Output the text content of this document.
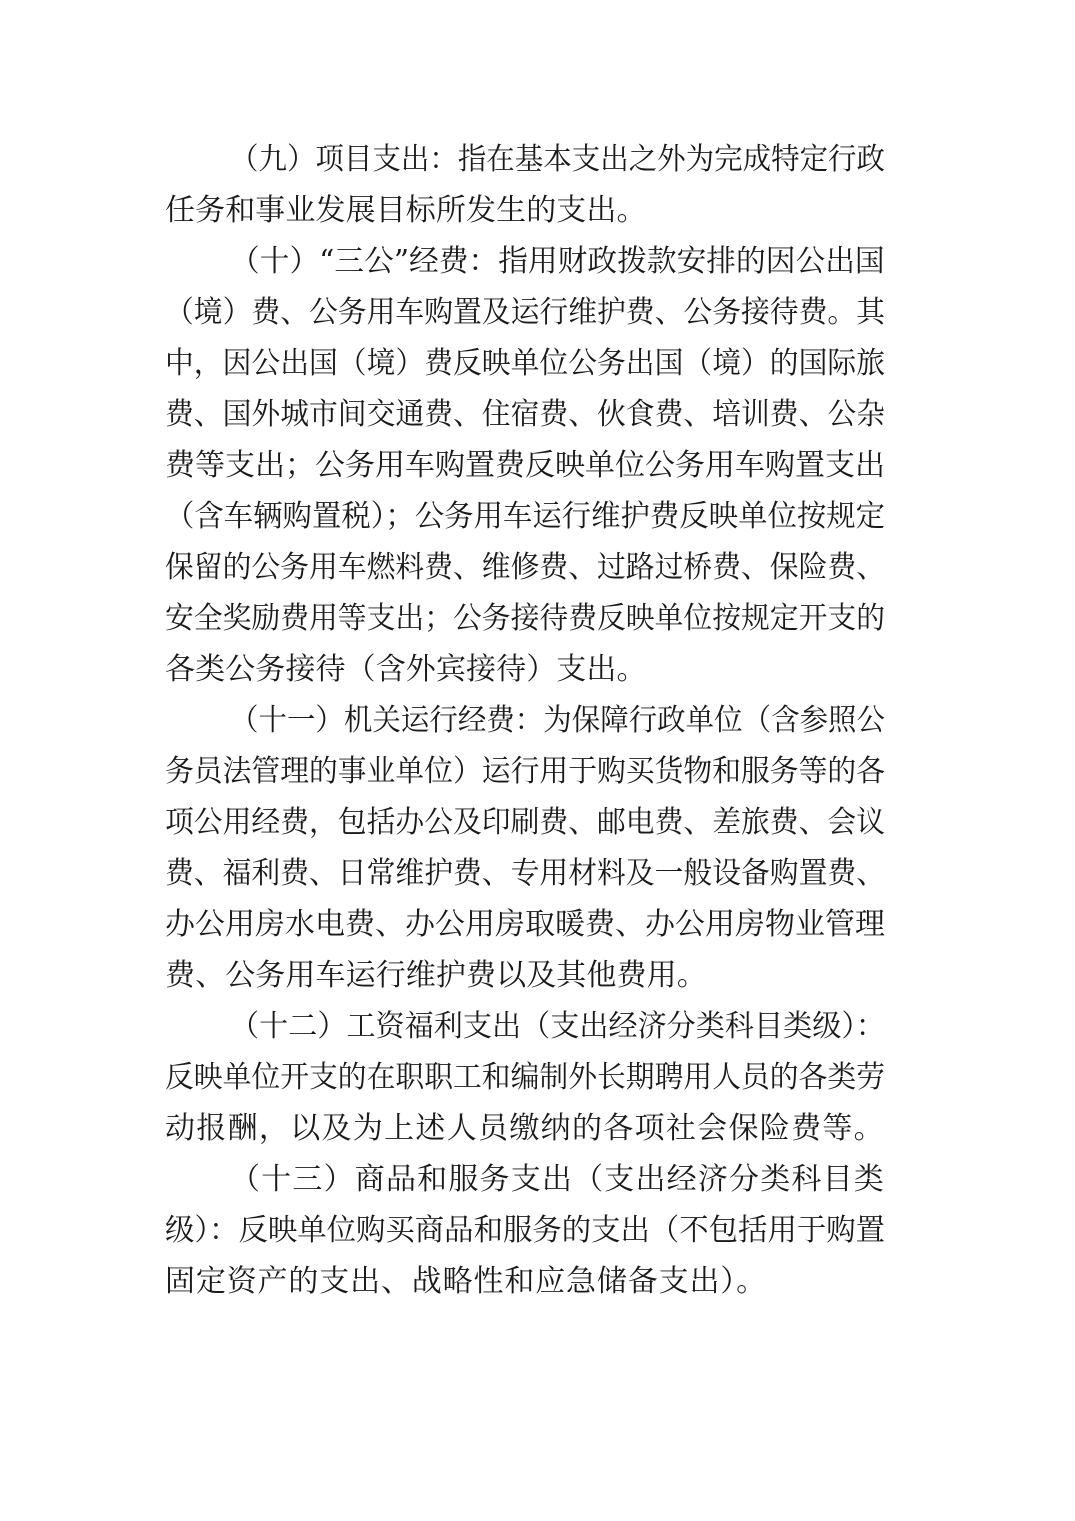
（九）项目支出：指在基本支出之外为完成特定行政
任务和事业发展目标所发生的支出。
（十）“三公”经费：指用财政拨款安排的因公出国
（境）费、公务用车购置及运行维护费、公务接待费。其
中，因公出国（境）费反映单位公务出国（境）的国际旅
费、国外城市间交通费、住宿费、伙食费、培训费、公杂
费等支出；公务用车购置费反映单位公务用车购置支出
（含车辆购置税）；公务用车运行维护费反映单位按规定
保留的公务用车燃料费、维修费、过路过桥费、保险费、
安全奖励费用等支出；公务接待费反映单位按规定开支的
各类公务接待（含外宾接待）支出。
（十一）机关运行经费：为保障行政单位（含参照公
务员法管理的事业单位）运行用于购买货物和服务等的各
项公用经费，包括办公及印刷费、邮电费、差旅费、会议
费、福利费、日常维护费、专用材料及一般设备购置费、
办公用房水电费、办公用房取暖费、办公用房物业管理
费、公务用车运行维护费以及其他费用。
（十二）工资福利支出（支出经济分类科目类级）：
反映单位开支的在职职工和编制外长期聘用人员的各类劳
动报酬，以及为上述人员缴纳的各项社会保险费等。
（十三）商品和服务支出（支出经济分类科目类
级）：反映单位购买商品和服务的支出（不包括用于购置
固定资产的支出、战略性和应急储备支出）。
